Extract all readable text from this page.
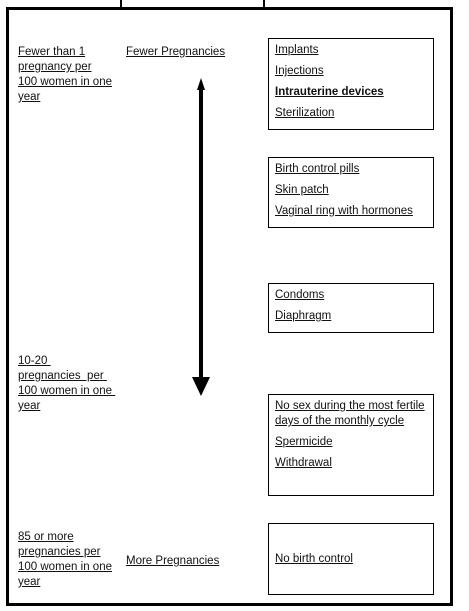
Fewer than 1 pregnancy per 100 women in one year
10-20 pregnancies  per 100 women in one year
85 or more pregnancies per 100 women in one year
Fewer Pregnancies
More Pregnancies
Implants
Injections
Intrauterine devices
Sterilization
Birth control pills
Skin patch
Vaginal ring with hormones
Condoms
Diaphragm
No sex during the most fertile days of the monthly cycle
Spermicide
Withdrawal
No birth control
